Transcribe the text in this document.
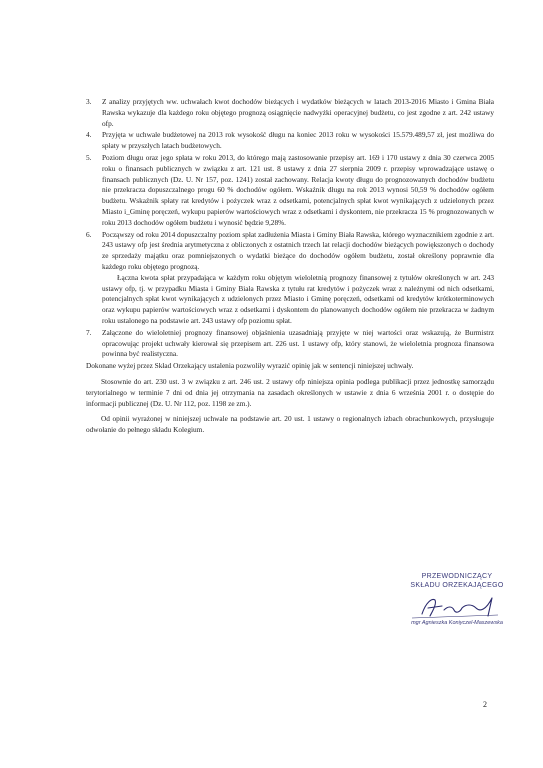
3. Z analizy przyjętych ww. uchwałach kwot dochodów bieżących i wydatków bieżących w latach 2013-2016 Miasto i Gmina Biała Rawska wykazuje dla każdego roku objętego prognozą osiągnięcie nadwyżki operacyjnej budżetu, co jest zgodne z art. 242 ustawy ofp.
4. Przyjęta w uchwale budżetowej na 2013 rok wysokość długu na koniec 2013 roku w wysokości 15.579.489,57 zł, jest możliwa do spłaty w przyszłych latach budżetowych.
5. Poziom długu oraz jego spłata w roku 2013, do którego mają zastosowanie przepisy art. 169 i 170 ustawy z dnia 30 czerwca 2005 roku o finansach publicznych w związku z art. 121 ust. 8 ustawy z dnia 27 sierpnia 2009 r. przepisy wprowadzające ustawę o finansach publicznych (Dz. U. Nr 157, poz. 1241) został zachowany. Relacja kwoty długu do prognozowanych dochodów budżetu nie przekracza dopuszczalnego progu 60 % dochodów ogółem. Wskaźnik długu na rok 2013 wynosi 50,59 % dochodów ogółem budżetu. Wskaźnik spłaty rat kredytów i pożyczek wraz z odsetkami, potencjalnych spłat kwot wynikających z udzielonych przez Miasto i_Gminę poręczeń, wykupu papierów wartościowych wraz z odsetkami i dyskontem, nie przekracza 15 % prognozowanych w roku 2013 dochodów ogółem budżetu i wynosić będzie 9,28%.
6. Począwszy od roku 2014 dopuszczalny poziom spłat zadłużenia Miasta i Gminy Biała Rawska, którego wyznacznikiem zgodnie z art. 243 ustawy ofp jest średnia arytmetyczna z obliczonych z ostatnich trzech lat relacji dochodów bieżących powiększonych o dochody ze sprzedaży majątku oraz pomniejszonych o wydatki bieżące do dochodów ogółem budżetu, został określony poprawnie dla każdego roku objętego prognozą.

Łączna kwota spłat przypadająca w każdym roku objętym wieloletnią prognozy finansowej z tytułów określonych w art. 243 ustawy ofp, tj. w przypadku Miasta i Gminy Biała Rawska z tytułu rat kredytów i pożyczek wraz z należnymi od nich odsetkami, potencjalnych spłat kwot wynikających z udzielonych przez Miasto i Gminę poręczeń, odsetkami od kredytów krótkoterminowych oraz wykupu papierów wartościowych wraz z odsetkami i dyskontem do planowanych dochodów ogółem nie przekracza w żadnym roku ustalonego na podstawie art. 243 ustawy ofp poziomu spłat.

7. Załączone do wieloletniej prognozy finansowej objaśnienia uzasadniają przyjęte w niej wartości oraz wskazują, że Burmistrz opracowując projekt uchwały kierował się przepisem art. 226 ust. 1 ustawy ofp, który stanowi, że wieloletnia prognoza finansowa powinna być realistyczna.

Dokonane wyżej przez Skład Orzekający ustalenia pozwoliły wyrazić opinię jak w sentencji niniejszej uchwały.

Stosownie do art. 230 ust. 3 w związku z art. 246 ust. 2 ustawy ofp niniejsza opinia podlega publikacji przez jednostkę samorządu terytorialnego w terminie 7 dni od dnia jej otrzymania na zasadach określonych w ustawie z dnia 6 września 2001 r. o dostępie do informacji publicznej (Dz. U. Nr 112, poz. 1198 ze zm.).

Od opinii wyrażonej w niniejszej uchwale na podstawie art. 20 ust. 1 ustawy o regionalnych izbach obrachunkowych, przysługuje odwołanie do pełnego składu Kolegium.

PRZEWODNICZĄCY
SKŁADU ORZEKAJĄCEGO
mgr Agnieszka Koniyczel-Maszewska
2
